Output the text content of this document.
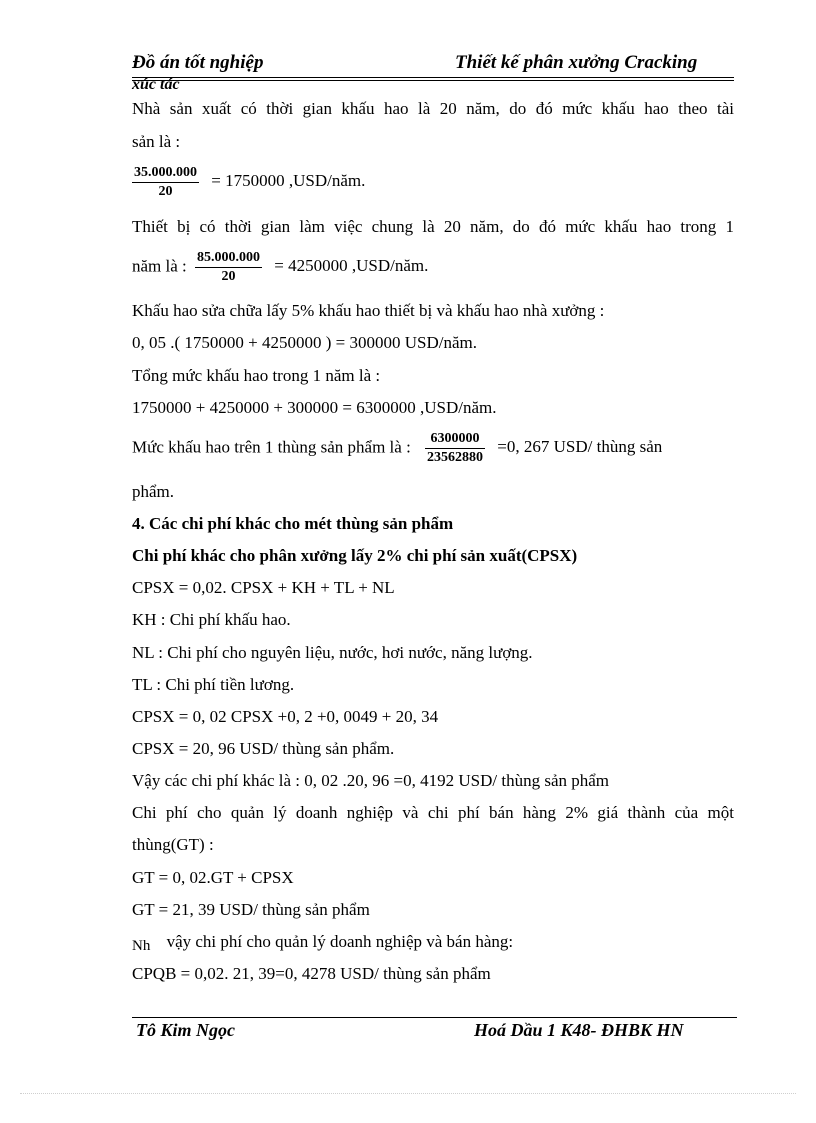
Đồ án tốt nghiệp	Thiết kế phân xưởng Cracking
xúc tác
Nhà sản xuất có thời gian khấu hao là 20 năm, do đó mức khấu hao theo tài
sản là :
$\frac{35.000.000}{20} = 1750000$ ,USD/năm.
Thiết bị có thời gian làm việc chung là 20 năm, do đó mức khấu hao trong 1
năm là : $\frac{85.000.000}{20} = 4250000$ ,USD/năm.
Khấu hao sửa chữa lấy 5% khấu hao thiết bị và khấu hao nhà xưởng :
0, 05 .( 1750000 + 4250000 ) = 300000 USD/năm.
Tổng mức khấu hao trong 1 năm là :
1750000 + 4250000 + 300000 = 6300000 ,USD/năm.
Mức khấu hao trên 1 thùng sản phẩm là : $\frac{6300000}{23562880} =0$, 267 USD/ thùng sản
phẩm.
4. Các chi phí khác cho mét thùng sản phẩm
Chi phí khác cho phân xưởng lấy 2% chi phí sản xuất(CPSX)
CPSX = 0,02. CPSX + KH + TL + NL
KH : Chi phí khấu hao.
NL : Chi phí cho nguyên liệu, nước, hơi nước, năng lượng.
TL : Chi phí tiền lương.
CPSX = 0, 02 CPSX +0, 2 +0, 0049 + 20, 34
CPSX = 20, 96 USD/ thùng sản phẩm.
Vậy các chi phí khác là : 0, 02 .20, 96 =0, 4192 USD/ thùng sản phẩm
Chi phí cho quản lý doanh nghiệp và chi phí bán hàng 2% giá thành của một
thùng(GT) :
GT = 0, 02.GT + CPSX
GT = 21, 39 USD/ thùng sản phẩm
Nh vậy chi phí cho quản lý doanh nghiệp và bán hàng:
CPQB = 0,02. 21, 39=0, 4278 USD/ thùng sản phẩm
Tô Kim Ngọc	Hoá Dầu 1 K48- ĐHBK HN
